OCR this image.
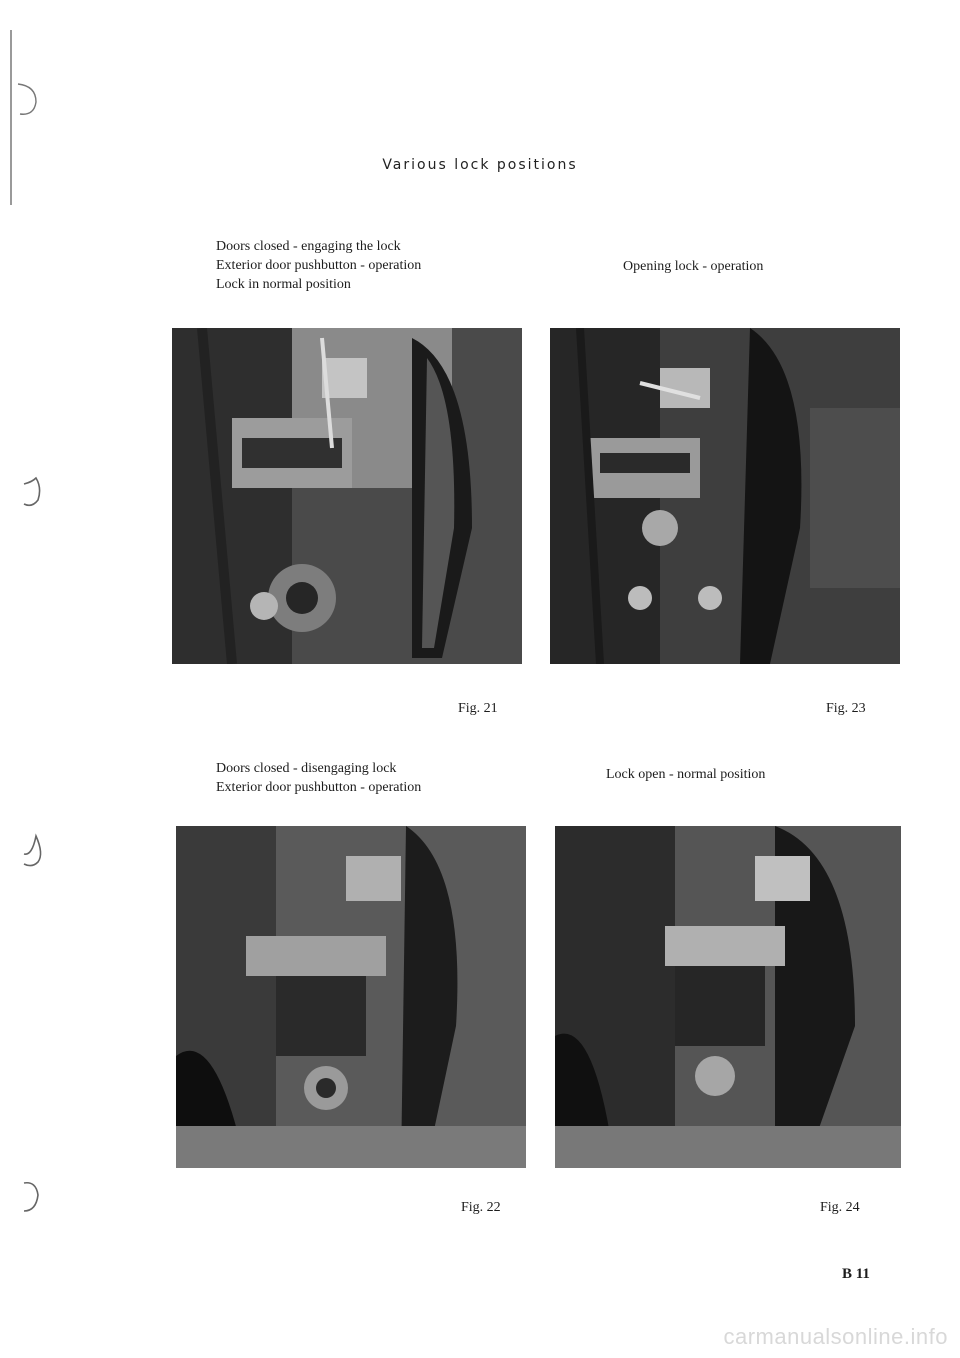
Various lock positions
Doors closed - engaging the lock
Exterior door pushbutton - operation
Lock in normal position
Opening lock - operation
Fig. 21	Fig. 23
Doors closed - disengaging lock
Exterior door pushbutton - operation
Lock open - normal position
Fig. 22	Fig. 24
B 11
carmanualsonline.info
